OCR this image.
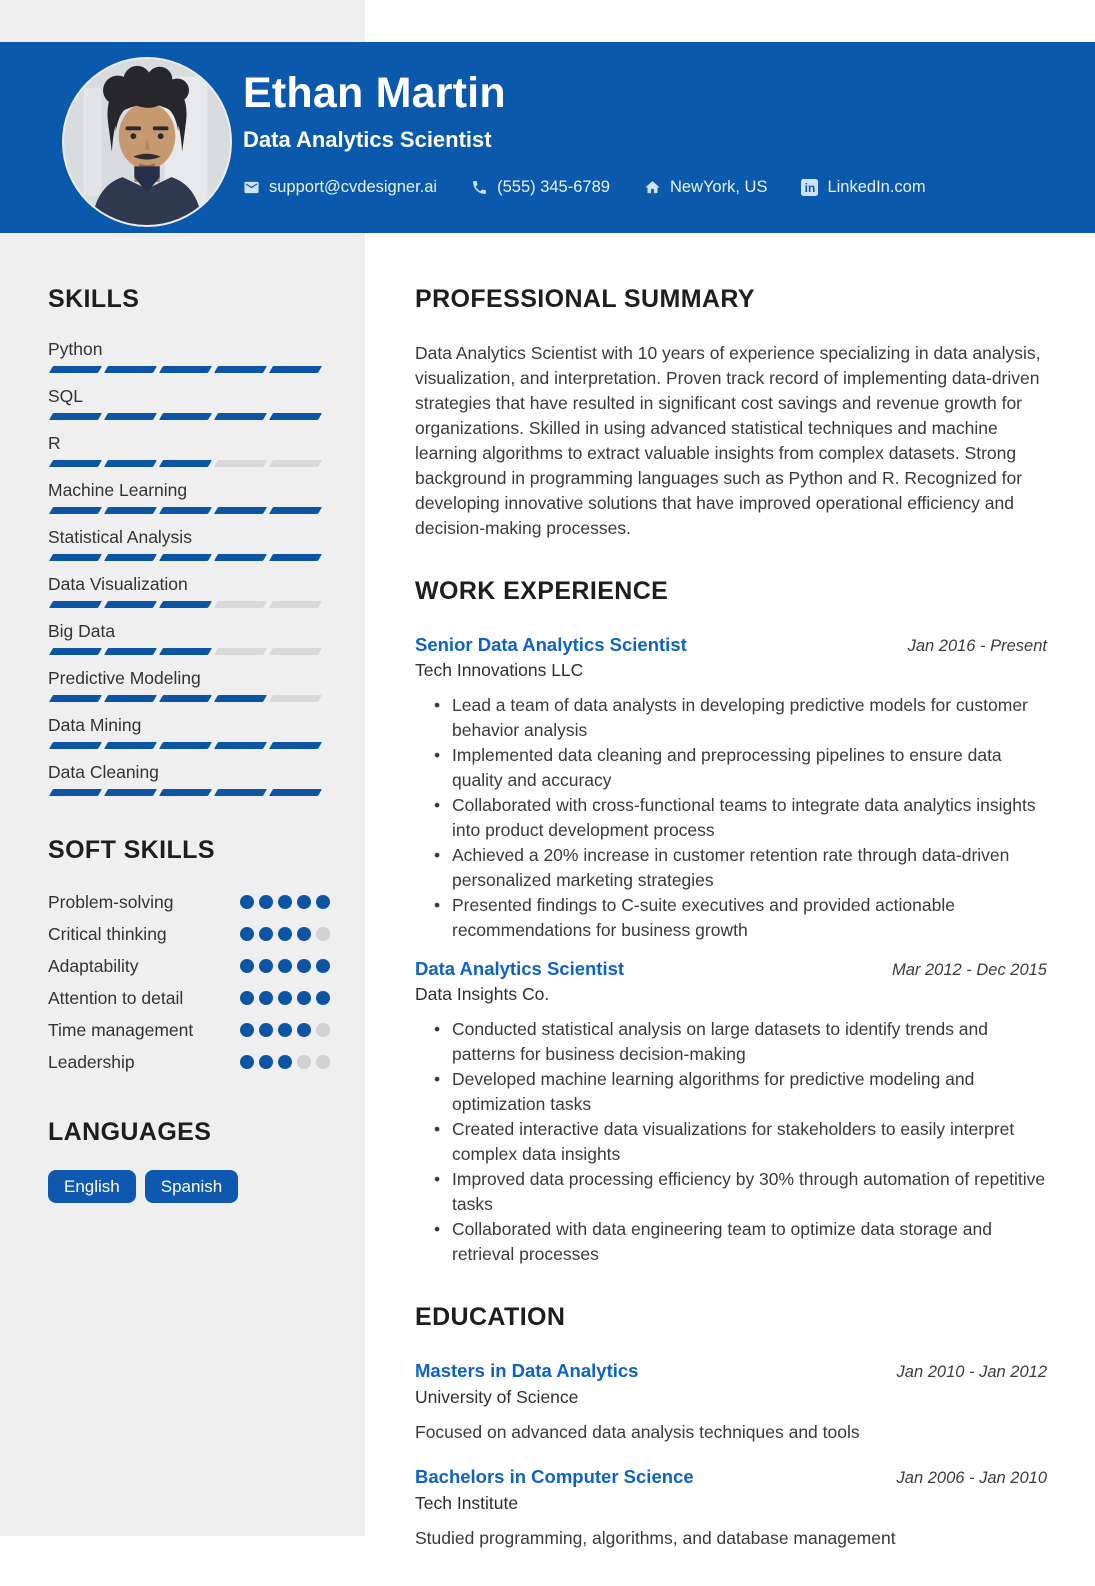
Ethan Martin
Data Analytics Scientist
support@cvdesigner.ai	(555) 345-6789	NewYork, US	in LinkedIn.com
SKILLS
Python
SQL
R
Machine Learning
Statistical Analysis
Data Visualization
Big Data
Predictive Modeling
Data Mining
Data Cleaning
SOFT SKILLS
Problem-solving
Critical thinking
Adaptability
Attention to detail
Time management
Leadership
LANGUAGES
English	Spanish
PROFESSIONAL SUMMARY

Data Analytics Scientist with 10 years of experience specializing in data analysis, visualization, and interpretation. Proven track record of implementing data-driven strategies that have resulted in significant cost savings and revenue growth for organizations. Skilled in using advanced statistical techniques and machine learning algorithms to extract valuable insights from complex datasets. Strong background in programming languages such as Python and R. Recognized for developing innovative solutions that have improved operational efficiency and decision-making processes.

WORK EXPERIENCE
Senior Data Analytics Scientist	Jan 2016 - Present
Tech Innovations LLC
• Lead a team of data analysts in developing predictive models for customer behavior analysis
• Implemented data cleaning and preprocessing pipelines to ensure data quality and accuracy
• Collaborated with cross-functional teams to integrate data analytics insights into product development process
• Achieved a 20% increase in customer retention rate through data-driven personalized marketing strategies
• Presented findings to C-suite executives and provided actionable recommendations for business growth
Data Analytics Scientist	Mar 2012 - Dec 2015
Data Insights Co.
• Conducted statistical analysis on large datasets to identify trends and patterns for business decision-making
• Developed machine learning algorithms for predictive modeling and optimization tasks
• Created interactive data visualizations for stakeholders to easily interpret complex data insights
• Improved data processing efficiency by 30% through automation of repetitive tasks
• Collaborated with data engineering team to optimize data storage and retrieval processes
EDUCATION
Masters in Data Analytics	Jan 2010 - Jan 2012
University of Science
Focused on advanced data analysis techniques and tools
Bachelors in Computer Science	Jan 2006 - Jan 2010
Tech Institute
Studied programming, algorithms, and database management
